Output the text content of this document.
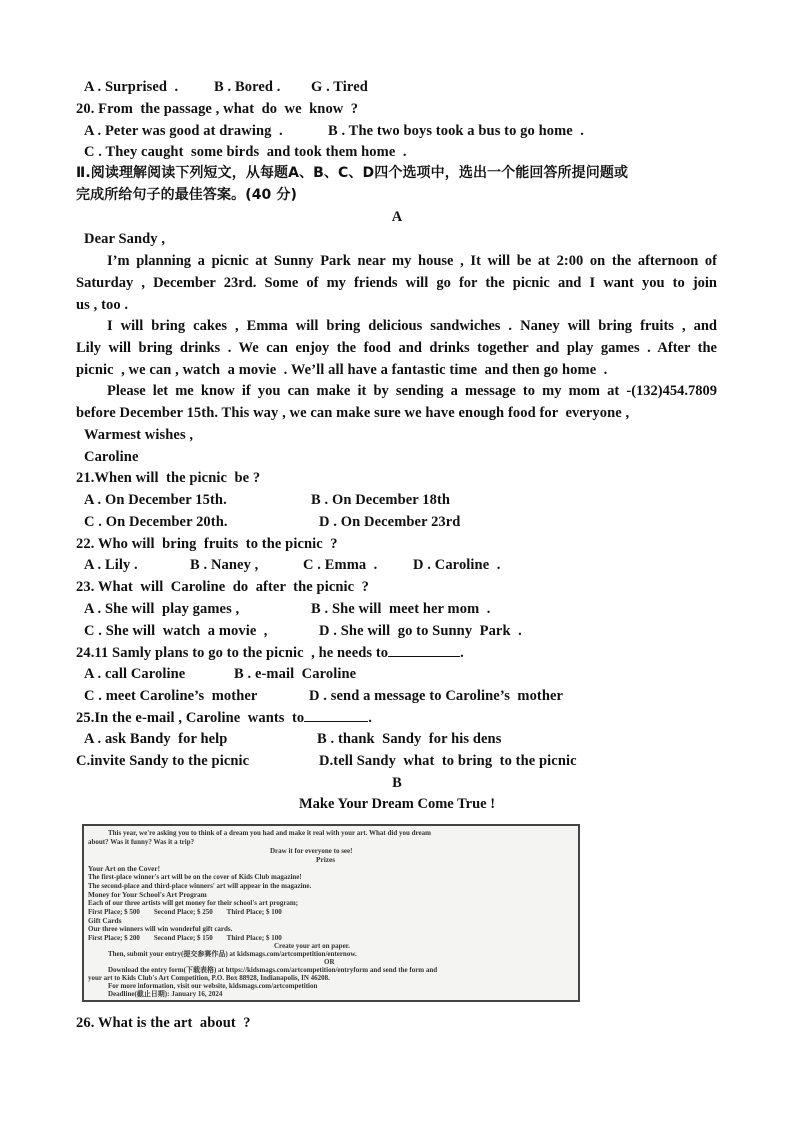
A . Surprised  . B . Bored . G . Tired
20. From  the passage , what  do  we  know  ?
A . Peter was good at drawing  .	B . The two boys took a bus to go home  .
C . They caught  some birds  and took them home  .
Ⅱ.阅读理解阅读下列短文，从每题A、B、C、D四个选项中，选出一个能回答所提问题或
完成所给句子的最佳答案。(40 分)
A
Dear Sandy ,
I’m planning a picnic at Sunny Park near my house , It will be at 2:00 on the afternoon of
Saturday , December 23rd. Some of my friends will go for the picnic and I want you to join
us , too .
I will bring cakes , Emma will bring delicious sandwiches . Naney will bring fruits , and
Lily will bring drinks . We can enjoy the food and drinks together and play games . After the
picnic  , we can , watch  a movie  . We’ll all have a fantastic time  and then go home  .
Please let me know if you can make it by sending a message to my mom at -(132)454.7809
before December 15th. This way , we can make sure we have enough food for  everyone ,
Warmest wishes ,
Caroline
21.When will  the picnic  be ?
A . On December 15th.	B . On December 18th
C . On December 20th.	D . On December 23rd
22. Who will  bring  fruits  to the picnic  ?
A . Lily .	B . Naney ,	C . Emma  . D . Caroline  .
23. What  will  Caroline  do  after  the picnic  ?
A . She will  play games ,	B . She will  meet her mom  .
C . She will  watch  a movie  ,	D . She will  go to Sunny  Park  .
24.11 Samly plans to go to the picnic  , he needs to	.
A . call Caroline	B . e-mail  Caroline
C . meet Caroline’s  mother	D . send a message to Caroline’s  mother
25.In the e-mail , Caroline  wants  to	.
A . ask Bandy  for help	B . thank  Sandy  for his dens
C.invite Sandy to the picnic	D.tell Sandy  what  to bring  to the picnic
B
Make Your Dream Come True !
This year, we're asking you to think of a dream you had and make it real with your art. What did you dream
about? Was it funny? Was it a trip?
Draw it for everyone to see!
Prizes
Your Art on the Cover!
The first-place winner's art will be on the cover of Kids Club magazine!
The second-place and third-place winners' art will appear in the magazine.
Money for Your School's Art Program
Each of our three artists will get money for their school's art program;
First Place; $ 500        Second Place; $ 250        Third Place; $ 100
Gift Cards
Our three winners will win wonderful gift cards.
First Place; $ 200        Second Place; $ 150        Third Place; $ 100
Create your art on paper.
Then, submit your entry(提交参赛作品) at kidsmags.com/artcompetition/enternow.
OR
Download the entry form(下载表格) at https://kidsmags.com/artcompetition/entryform and send the form and
your art to Kids Club's Art Competition, P.O. Box 88928, Indianapolis, IN 46208.
For more information, visit our website, kidsmags.com/artcompetition
Deadline(截止日期): January 16, 2024
26. What is the art  about  ?
